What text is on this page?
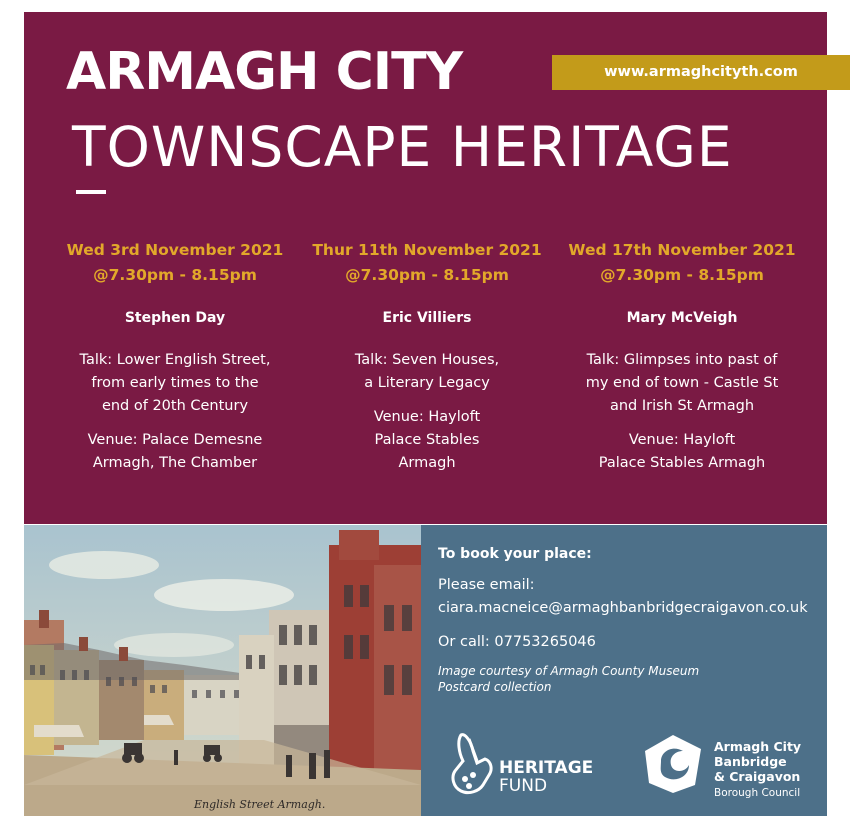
ARMAGH CITY
TOWNSCAPE HERITAGE
www.armaghcityth.com
Wed 3rd November 2021
@7.30pm - 8.15pm
Stephen Day
Talk: Lower English Street,
from early times to the
end of 20th Century
Venue: Palace Demesne
Armagh, The Chamber
Thur 11th November 2021
@7.30pm - 8.15pm
Eric Villiers
Talk: Seven Houses,
a Literary Legacy
Venue: Hayloft
Palace Stables
Armagh
Wed 17th November 2021
@7.30pm - 8.15pm
Mary McVeigh
Talk: Glimpses into past of
my end of town - Castle St
and Irish St Armagh
Venue: Hayloft
Palace Stables Armagh
English Street Armagh.
To book your place:
Please email:
ciara.macneice@armaghbanbridgecraigavon.co.uk
Or call: 07753265046
Image courtesy of Armagh County Museum
Postcard collection
HERITAGE
FUND
Armagh City
Banbridge
& Craigavon
Borough Council
